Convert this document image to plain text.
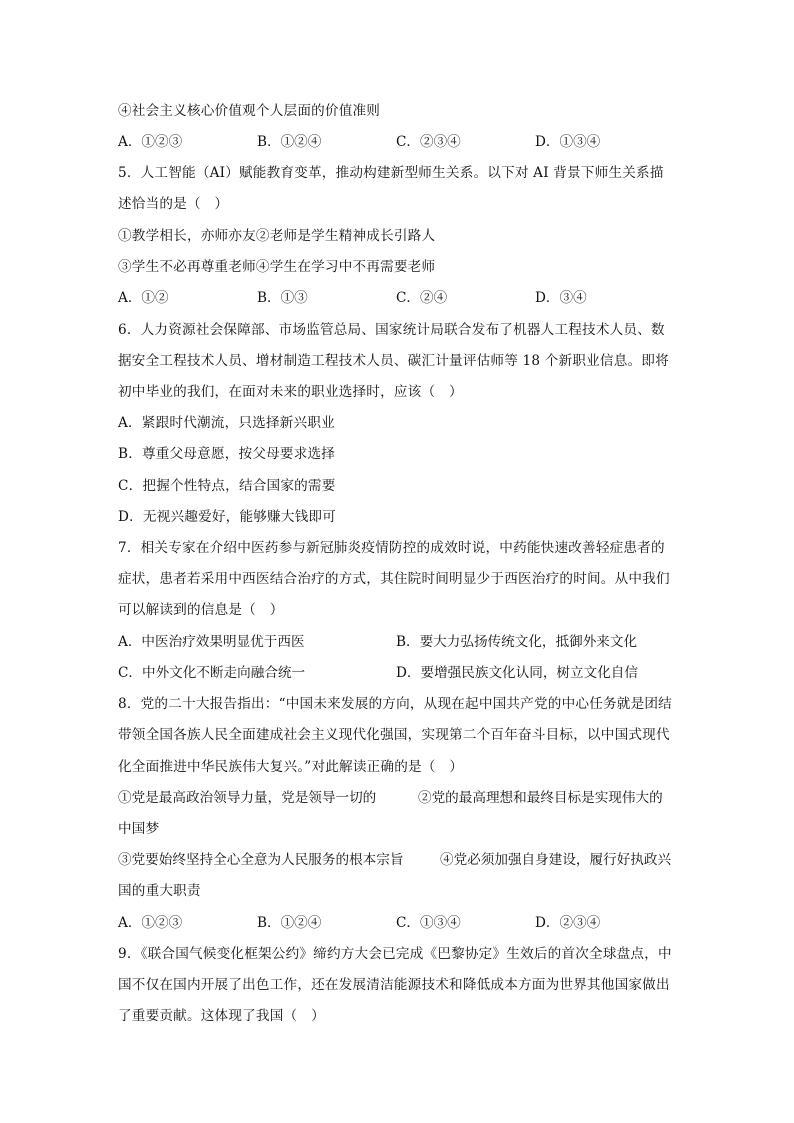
④社会主义核心价值观个人层面的价值准则
A．①②③	B．①②④	C．②③④	D．①③④
5．人工智能（AI）赋能教育变革，推动构建新型师生关系。以下对 AI 背景下师生关系描
述恰当的是（　）
①教学相长，亦师亦友②老师是学生精神成长引路人
③学生不必再尊重老师④学生在学习中不再需要老师
A．①②	B．①③	C．②④	D．③④
6．人力资源社会保障部、市场监管总局、国家统计局联合发布了机器人工程技术人员、数
据安全工程技术人员、增材制造工程技术人员、碳汇计量评估师等 18 个新职业信息。即将
初中毕业的我们，在面对未来的职业选择时，应该（　）
A．紧跟时代潮流，只选择新兴职业
B．尊重父母意愿，按父母要求选择
C．把握个性特点，结合国家的需要
D．无视兴趣爱好，能够赚大钱即可
7．相关专家在介绍中医药参与新冠肺炎疫情防控的成效时说，中药能快速改善轻症患者的
症状，患者若采用中西医结合治疗的方式，其住院时间明显少于西医治疗的时间。从中我们
可以解读到的信息是（　）
A．中医治疗效果明显优于西医	B．要大力弘扬传统文化，抵御外来文化
C．中外文化不断走向融合统一	D．要增强民族文化认同，树立文化自信
8．党的二十大报告指出：“中国未来发展的方向，从现在起中国共产党的中心任务就是团结
带领全国各族人民全面建成社会主义现代化强国，实现第二个百年奋斗目标，以中国式现代
化全面推进中华民族伟大复兴。”对此解读正确的是（　）
①党是最高政治领导力量，党是领导一切的	②党的最高理想和最终目标是实现伟大的
中国梦
③党要始终坚持全心全意为人民服务的根本宗旨	④党必须加强自身建设，履行好执政兴
国的重大职责
A．①②③	B．①②④	C．①③④	D．②③④
9．《联合国气候变化框架公约》缔约方大会已完成《巴黎协定》生效后的首次全球盘点，中
国不仅在国内开展了出色工作，还在发展清洁能源技术和降低成本方面为世界其他国家做出
了重要贡献。这体现了我国（　）
